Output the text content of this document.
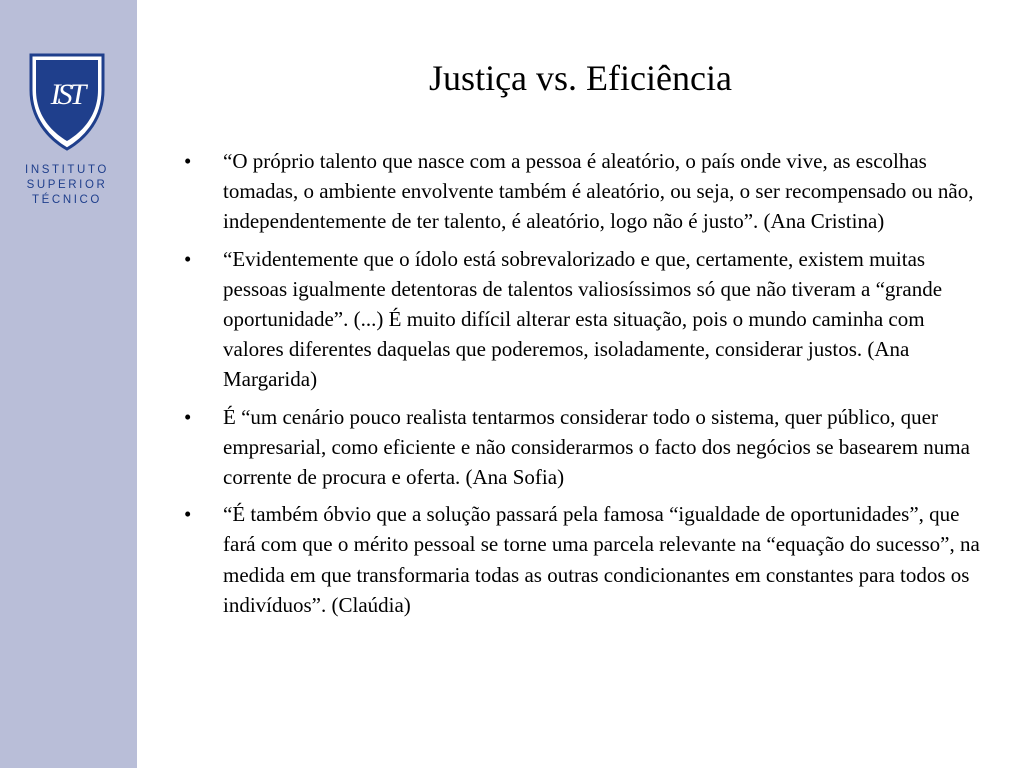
IST
INSTITUTO
SUPERIOR
TÉCNICO
Justiça vs. Eficiência
• “O próprio talento que nasce com a pessoa é aleatório, o país onde vive, as escolhas tomadas, o ambiente envolvente também é aleatório, ou seja, o ser recompensado ou não, independentemente de ter talento, é aleatório, logo não é justo”. (Ana Cristina)
• “Evidentemente que o ídolo está sobrevalorizado e que, certamente, existem muitas pessoas igualmente detentoras de talentos valiosíssimos só que não tiveram a “grande oportunidade”. (...) É muito difícil alterar esta situação, pois o mundo caminha com valores diferentes daquelas que poderemos, isoladamente, considerar justos. (Ana Margarida)
• É “um cenário pouco realista tentarmos considerar todo o sistema, quer público, quer empresarial, como eficiente e não considerarmos o facto dos negócios se basearem numa corrente de procura e oferta. (Ana Sofia)
• “É também óbvio que a solução passará pela famosa “igualdade de oportunidades”, que fará com que o mérito pessoal se torne uma parcela relevante na “equação do sucesso”, na medida em que transformaria todas as outras condicionantes em constantes para todos os indivíduos”. (Claúdia)
